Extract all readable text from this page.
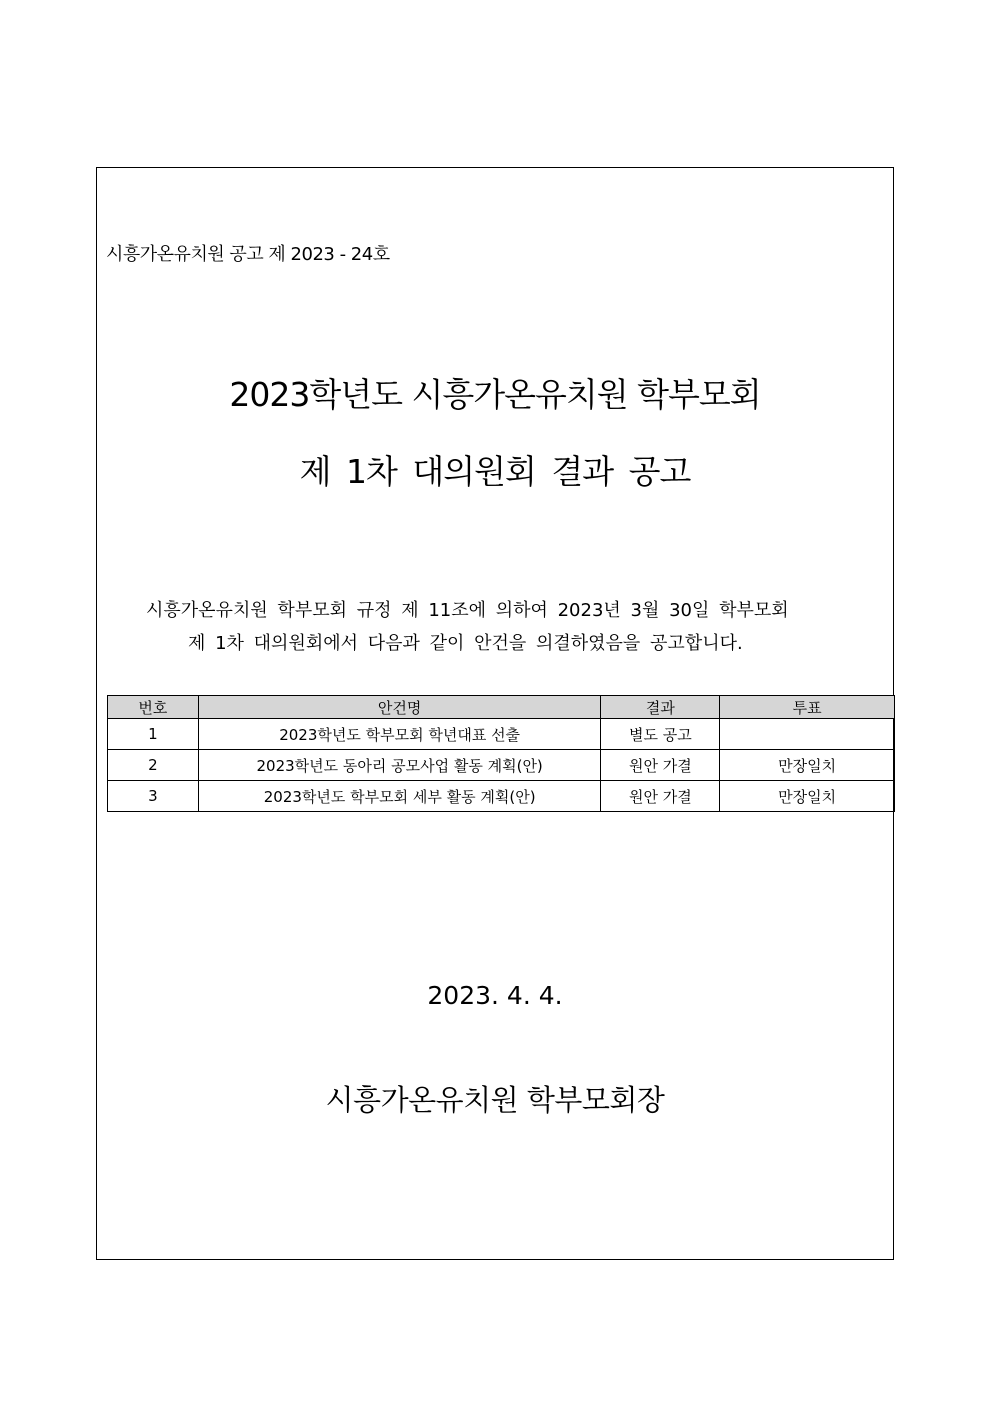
시흥가온유치원 공고 제 2023 - 24호
2023학년도 시흥가온유치원 학부모회
제 1차 대의원회 결과 공고
시흥가온유치원 학부모회 규정 제 11조에 의하여 2023년 3월 30일 학부모회
제 1차 대의원회에서 다음과 같이 안건을 의결하였음을 공고합니다.
번호	안건명	결과	투표
1	2023학년도 학부모회 학년대표 선출	별도 공고	
2	2023학년도 동아리 공모사업 활동 계획(안)	원안 가결	만장일치
3	2023학년도 학부모회 세부 활동 계획(안)	원안 가결	만장일치
2023. 4. 4.
시흥가온유치원 학부모회장
